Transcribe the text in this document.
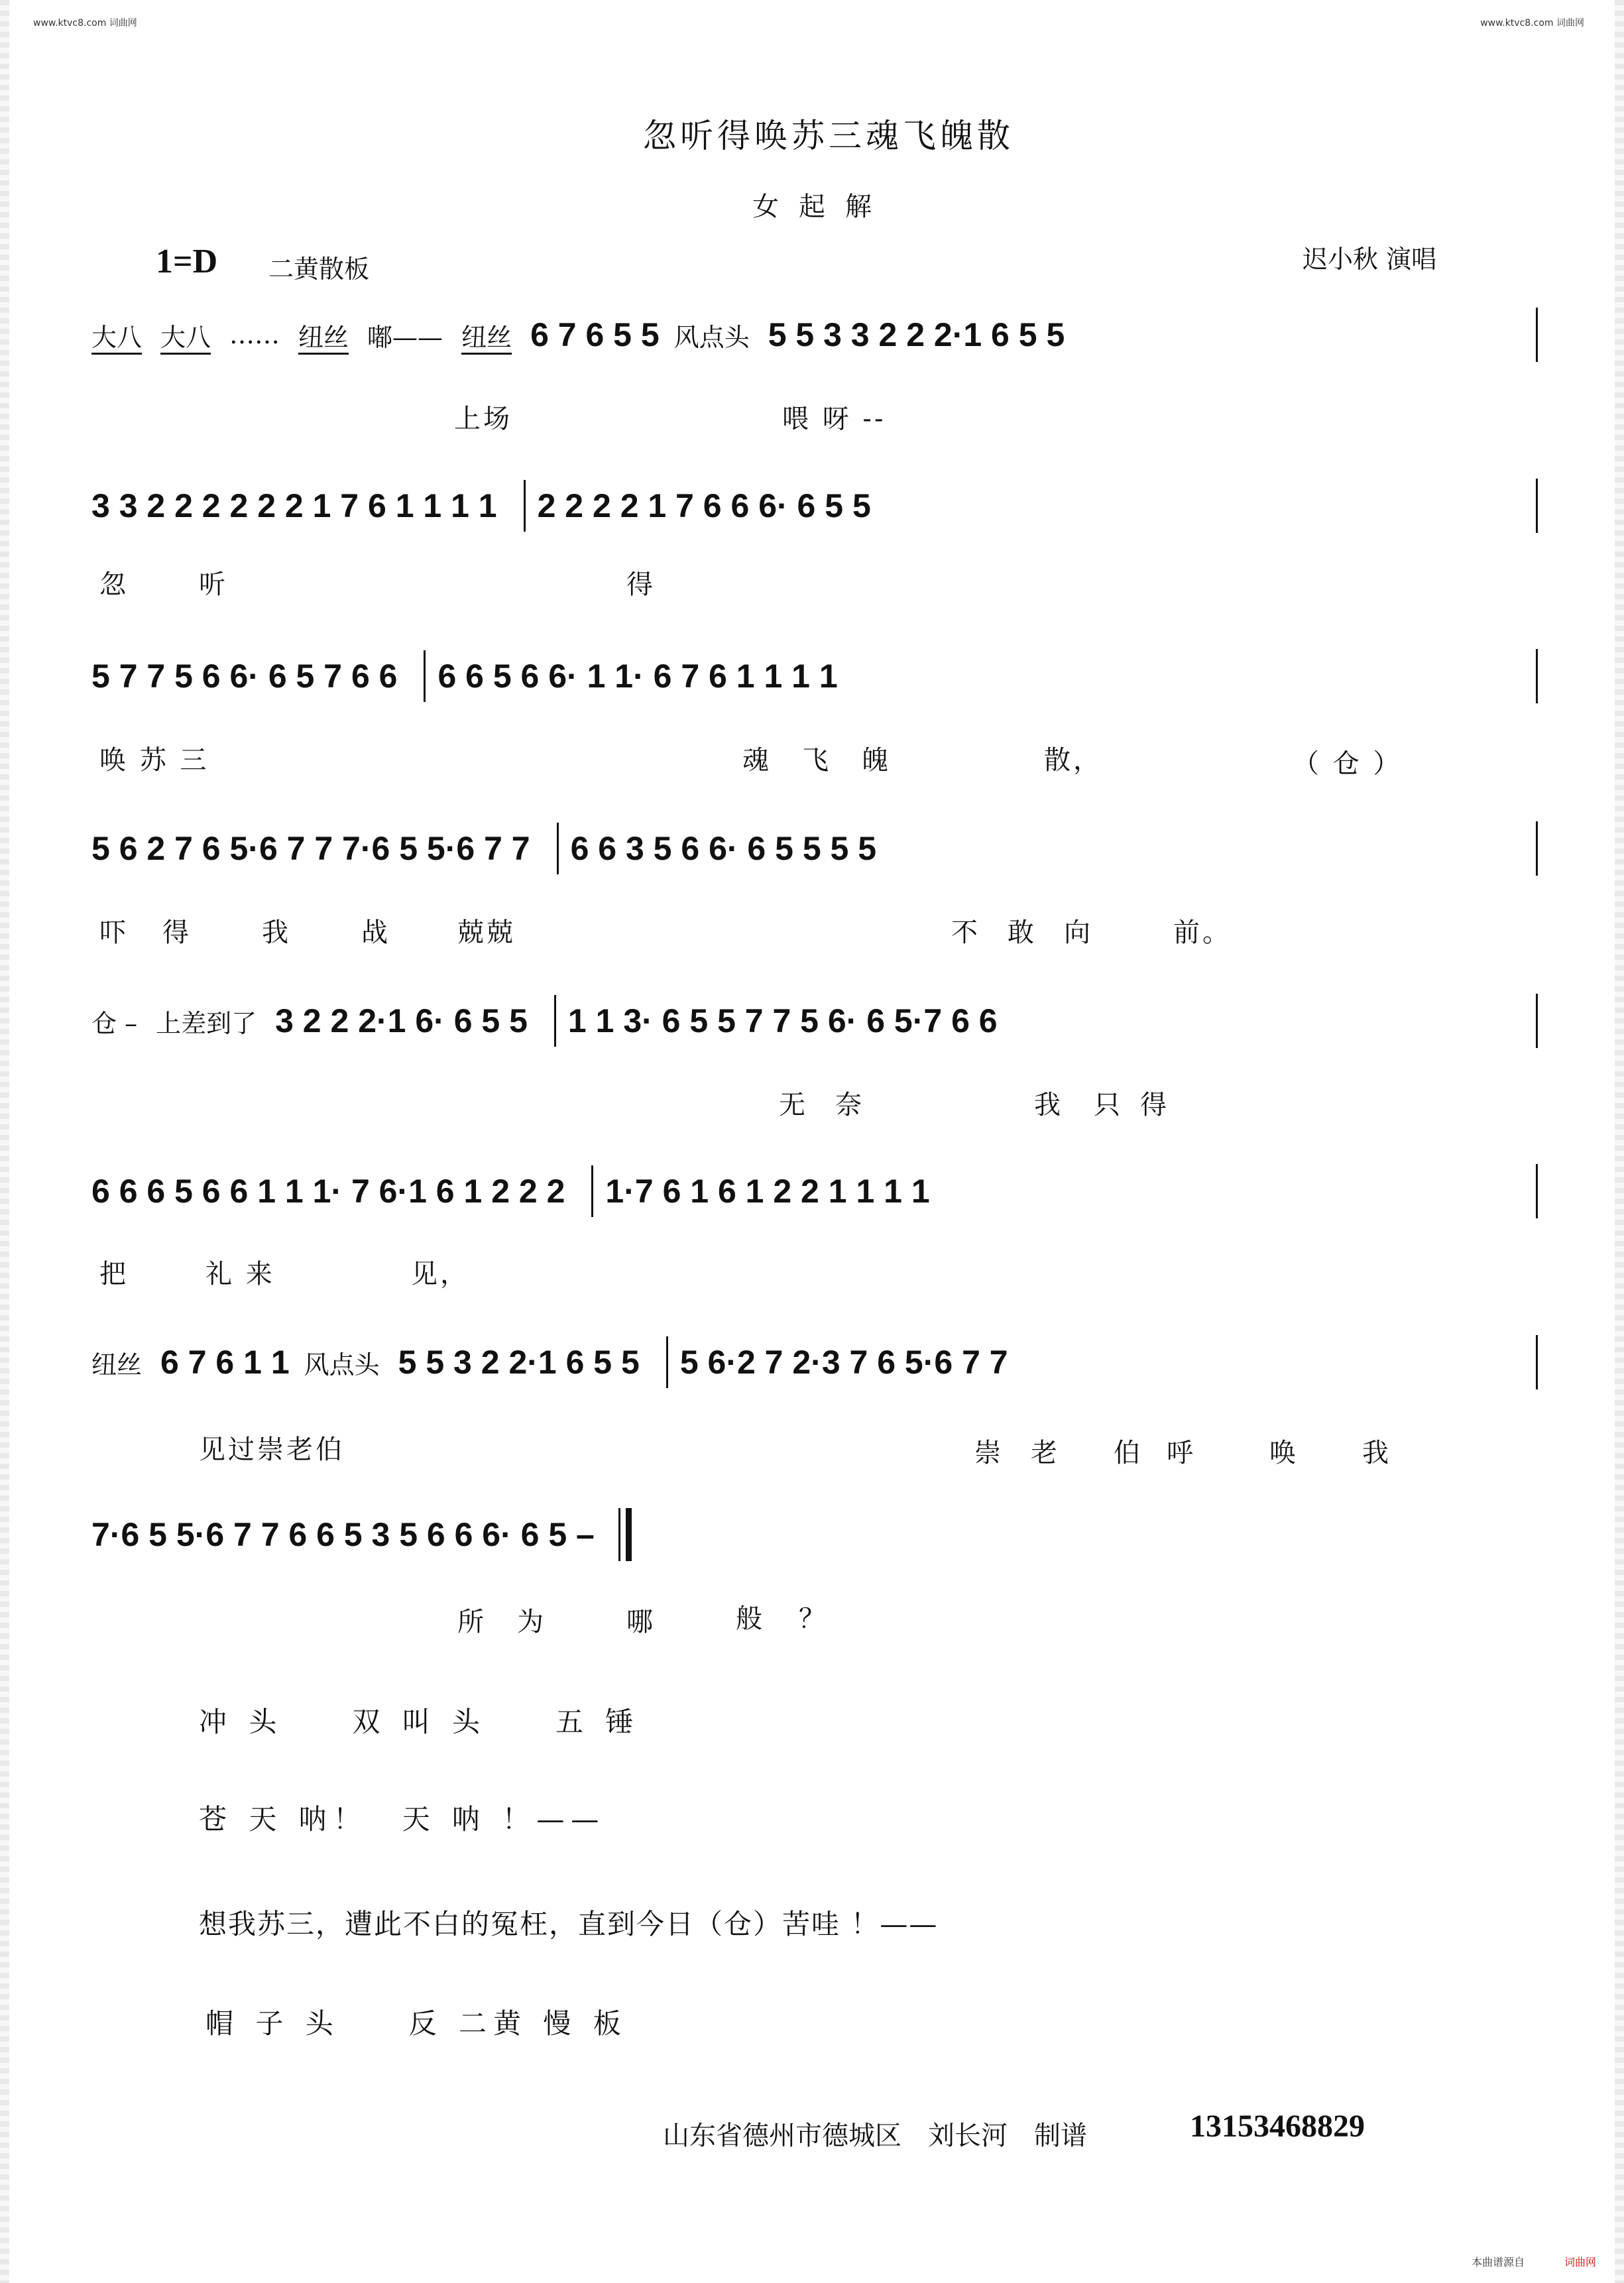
www.ktvc8.com 词曲网	www.ktvc8.com 词曲网
忽听得唤苏三魂飞魄散
女起解
1=D 二黄散板	迟小秋 演唱
大八 大八 …… 纽丝 嘟—— 纽丝 6 7 6 5 5 风点头 5 5 3 3 2 2 2·1 6 5 5
上场	喂 呀 --
3 3 2 2 2 2 2 2 1 7 6 1 1 1 1 2 2 2 2 1 7 6 6 6· 6 5 5
忽	听	得
5 7 7 5 6 6· 6 5 7 6 6 6 6 5 6 6· 1 1· 6 7 6 1 1 1 1
唤 苏 三	魂 飞 魄	散，	（ 仓 ）
5 6 2 7 6 5·6 7 7 7·6 5 5·6 7 7 6 6 3 5 6 6· 6 5 5 5 5
吓 得	我	战	兢兢	不 敢 向	前。
仓 – 上差到了 3 2 2 2·1 6· 6 5 5 1 1 3· 6 5 5 7 7 5 6· 6 5·7 6 6
无 奈	我 只 得
6 6 6 5 6 6 1 1 1· 7 6·1 6 1 2 2 2 1·7 6 1 6 1 2 2 1 1 1 1
把	礼 来	见，
纽丝 6 7 6 1 1 风点头 5 5 3 2 2·1 6 5 5 5 6·2 7 2·3 7 6 5·6 7 7
见过崇老伯	崇 老 伯 呼	唤 我
7·6 5 5·6 7 7 6 6 5 3 5 6 6 6· 6 5 –
所 为	哪	般 ？
冲 头　　双 叫 头　　五 锤
苍 天 呐！　天 呐 ！——
想我苏三，遭此不白的冤枉，直到今日（仓）苦哇 ！——
帽 子 头　　反 二黄 慢 板
山东省德州市德城区　刘长河　制谱	13153468829
本曲谱源自	词曲网
